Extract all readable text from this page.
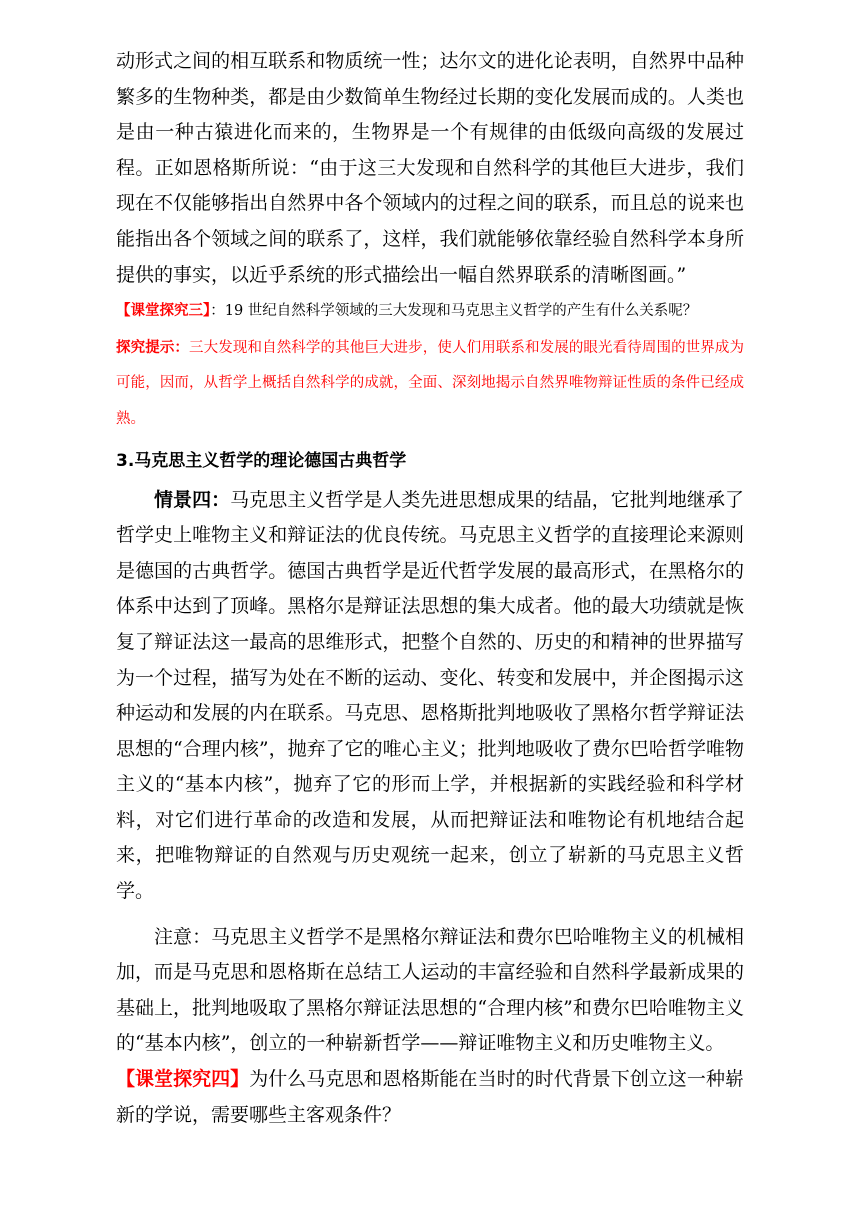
动形式之间的相互联系和物质统一性；达尔文的进化论表明，自然界中品种繁多的生物种类，都是由少数简单生物经过长期的变化发展而成的。人类也是由一种古猿进化而来的，生物界是一个有规律的由低级向高级的发展过程。正如恩格斯所说：“由于这三大发现和自然科学的其他巨大进步，我们现在不仅能够指出自然界中各个领域内的过程之间的联系，而且总的说来也能指出各个领域之间的联系了，这样，我们就能够依靠经验自然科学本身所提供的事实，以近乎系统的形式描绘出一幅自然界联系的清晰图画。”

【课堂探究三】：19 世纪自然科学领域的三大发现和马克思主义哲学的产生有什么关系呢？

探究提示：三大发现和自然科学的其他巨大进步，使人们用联系和发展的眼光看待周围的世界成为可能，因而，从哲学上概括自然科学的成就，全面、深刻地揭示自然界唯物辩证性质的条件已经成熟。

3.马克思主义哲学的理论德国古典哲学

情景四：马克思主义哲学是人类先进思想成果的结晶，它批判地继承了哲学史上唯物主义和辩证法的优良传统。马克思主义哲学的直接理论来源则是德国的古典哲学。德国古典哲学是近代哲学发展的最高形式，在黑格尔的体系中达到了顶峰。黑格尔是辩证法思想的集大成者。他的最大功绩就是恢复了辩证法这一最高的思维形式，把整个自然的、历史的和精神的世界描写为一个过程，描写为处在不断的运动、变化、转变和发展中，并企图揭示这种运动和发展的内在联系。马克思、恩格斯批判地吸收了黑格尔哲学辩证法思想的“合理内核”，抛弃了它的唯心主义；批判地吸收了费尔巴哈哲学唯物主义的“基本内核”，抛弃了它的形而上学，并根据新的实践经验和科学材料，对它们进行革命的改造和发展，从而把辩证法和唯物论有机地结合起来，把唯物辩证的自然观与历史观统一起来，创立了崭新的马克思主义哲学。

注意：马克思主义哲学不是黑格尔辩证法和费尔巴哈唯物主义的机械相加，而是马克思和恩格斯在总结工人运动的丰富经验和自然科学最新成果的基础上，批判地吸取了黑格尔辩证法思想的“合理内核”和费尔巴哈唯物主义的“基本内核”，创立的一种崭新哲学——辩证唯物主义和历史唯物主义。

【课堂探究四】为什么马克思和恩格斯能在当时的时代背景下创立这一种崭新的学说，需要哪些主客观条件？
